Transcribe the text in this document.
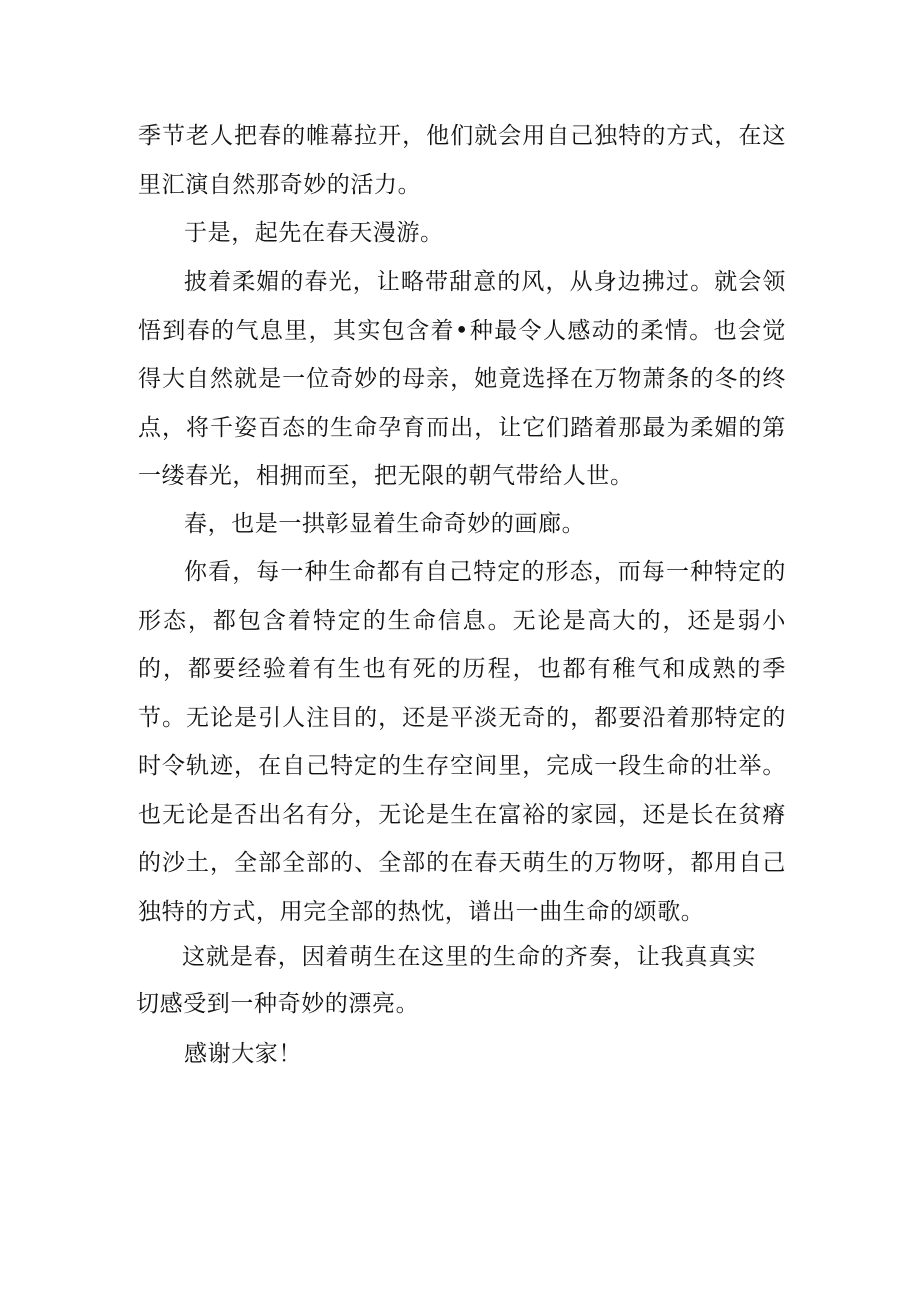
季节老人把春的帷幕拉开，他们就会用自己独特的方式，在这里汇演自然那奇妙的活力。

于是，起先在春天漫游。

披着柔媚的春光，让略带甜意的风，从身边拂过。就会领悟到春的气息里，其实包含着•种最令人感动的柔情。也会觉得大自然就是一位奇妙的母亲，她竟选择在万物萧条的冬的终点，将千姿百态的生命孕育而出，让它们踏着那最为柔媚的第一缕春光，相拥而至，把无限的朝气带给人世。

春，也是一拱彰显着生命奇妙的画廊。

你看，每一种生命都有自己特定的形态，而每一种特定的形态，都包含着特定的生命信息。无论是高大的，还是弱小的，都要经验着有生也有死的历程，也都有稚气和成熟的季节。无论是引人注目的，还是平淡无奇的，都要沿着那特定的时令轨迹，在自己特定的生存空间里，完成一段生命的壮举。也无论是否出名有分，无论是生在富裕的家园，还是长在贫瘠的沙土，全部全部的、全部的在春天萌生的万物呀，都用自己独特的方式，用完全部的热忱，谱出一曲生命的颂歌。

这就是春，因着萌生在这里的生命的齐奏，让我真真实切感受到一种奇妙的漂亮。

感谢大家！
